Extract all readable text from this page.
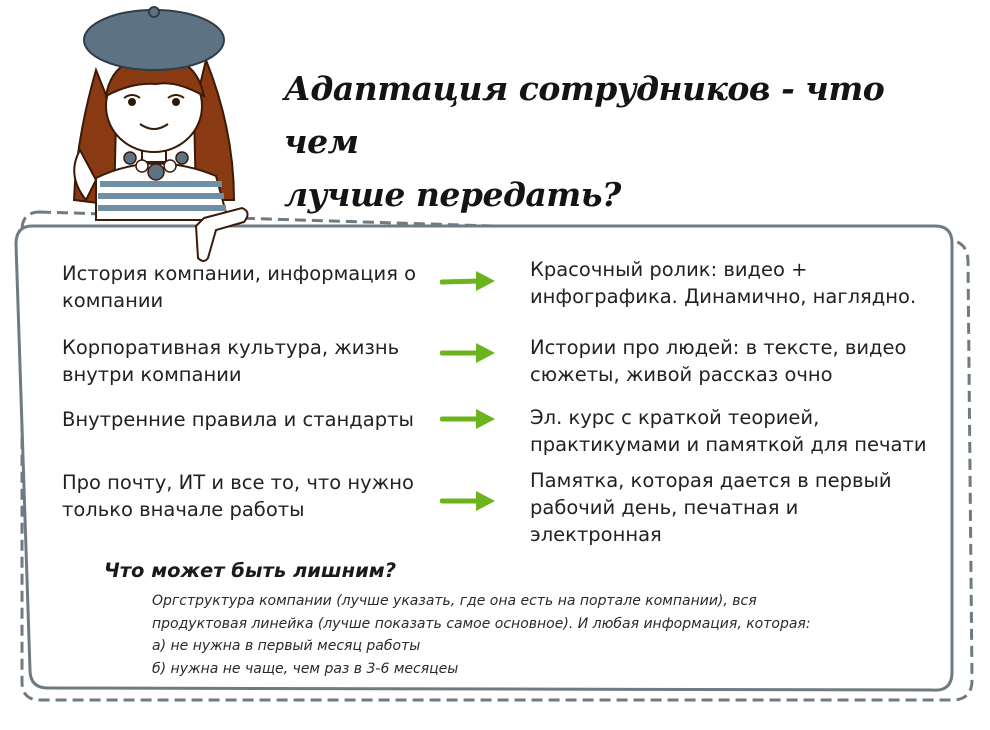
Адаптация сотрудников - что чем
лучше передать?

История компании, информация о
компании

Красочный ролик: видео +
инфографика. Динамично, наглядно.

Корпоративная культура, жизнь
внутри компании

Истории про людей: в тексте, видео
сюжеты, живой рассказ очно

Внутренние правила и стандарты	Эл. курс с краткой теорией,
практикумами и памяткой для печати

Про почту, ИТ и все то, что нужно
только вначале работы

Памятка, которая дается в первый
рабочий день, печатная и
электронная

Что может быть лишним?

Оргструктура компании (лучше указать, где она есть на портале компании), вся
продуктовая линейка (лучше показать самое основное). И любая информация, которая:
а) не нужна в первый месяц работы
б) нужна не чаще, чем раз в 3-6 месяцеы
